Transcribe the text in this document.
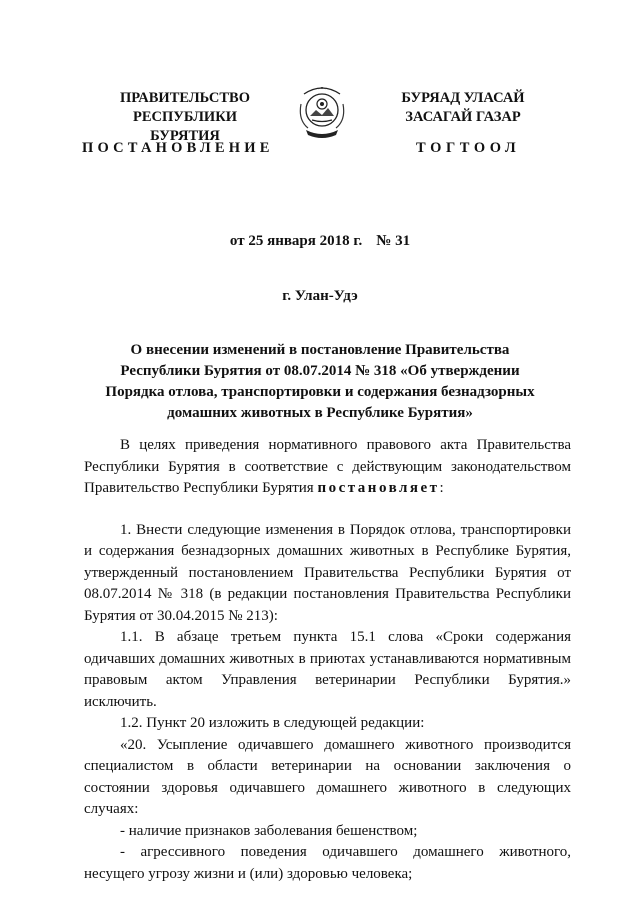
ПРАВИТЕЛЬСТВО
РЕСПУБЛИКИ БУРЯТИЯ
БУРЯАД УЛАСАЙ
ЗАСАГАЙ ГАЗАР
ПОСТАНОВЛЕНИЕ	ТОГТООЛ
от 25 января 2018 г. № 31
г. Улан-Удэ
О внесении изменений в постановление Правительства Республики Бурятия от 08.07.2014 № 318 «Об утверждении Порядка отлова, транспортировки и содержания безнадзорных домашних животных в Республике Бурятия»

В целях приведения нормативного правового акта Правительства Республики Бурятия в соответствие с действующим законодательством Правительство Республики Бурятия постановляет:

1. Внести следующие изменения в Порядок отлова, транспортировки и содержания безнадзорных домашних животных в Республике Бурятия, утвержденный постановлением Правительства Республики Бурятия от 08.07.2014 № 318 (в редакции постановления Правительства Республики Бурятия от 30.04.2015 № 213):

1.1. В абзаце третьем пункта 15.1 слова «Сроки содержания одичавших домашних животных в приютах устанавливаются нормативным правовым актом Управления ветеринарии Республики Бурятия.» исключить.

1.2. Пункт 20 изложить в следующей редакции:

«20. Усыпление одичавшего домашнего животного производится специалистом в области ветеринарии на основании заключения о состоянии здоровья одичавшего домашнего животного в следующих случаях:

- наличие признаков заболевания бешенством;

- агрессивного поведения одичавшего домашнего животного, несущего угрозу жизни и (или) здоровью человека;
